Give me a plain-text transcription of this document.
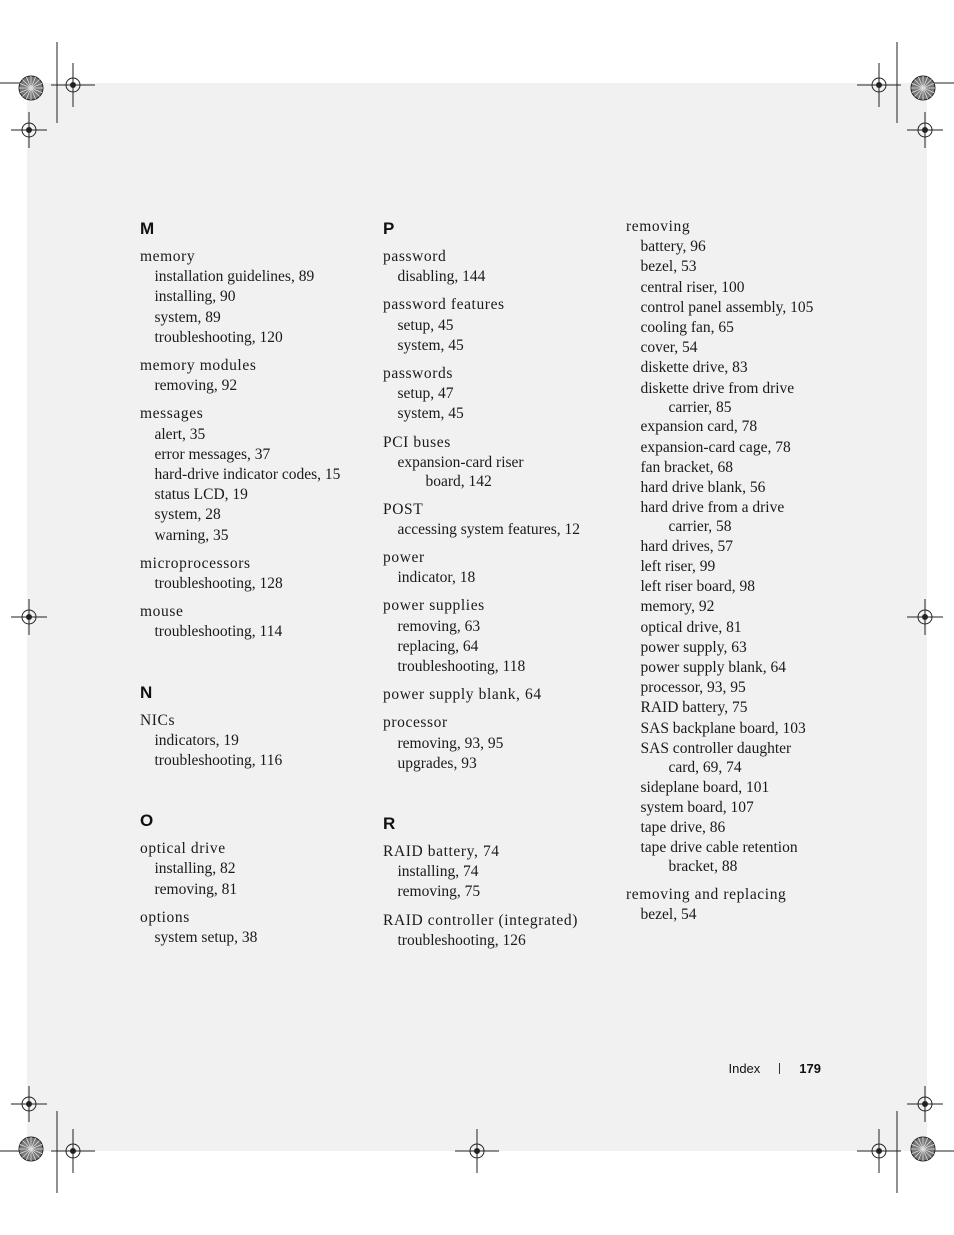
M
memory
installation guidelines, 89
installing, 90
system, 89
troubleshooting, 120
memory modules
removing, 92
messages
alert, 35
error messages, 37
hard-drive indicator codes, 15
status LCD, 19
system, 28
warning, 35
microprocessors
troubleshooting, 128
mouse
troubleshooting, 114
N
NICs
indicators, 19
troubleshooting, 116
O
optical drive
installing, 82
removing, 81
options
system setup, 38
P
password
disabling, 144
password features
setup, 45
system, 45
passwords
setup, 47
system, 45
PCI buses
expansion-card riser
board, 142
POST
accessing system features, 12
power
indicator, 18
power supplies
removing, 63
replacing, 64
troubleshooting, 118
power supply blank, 64
processor
removing, 93, 95
upgrades, 93
R
RAID battery, 74
installing, 74
removing, 75
RAID controller (integrated)
troubleshooting, 126
removing
battery, 96
bezel, 53
central riser, 100
control panel assembly, 105
cooling fan, 65
cover, 54
diskette drive, 83
diskette drive from drive
carrier, 85
expansion card, 78
expansion-card cage, 78
fan bracket, 68
hard drive blank, 56
hard drive from a drive
carrier, 58
hard drives, 57
left riser, 99
left riser board, 98
memory, 92
optical drive, 81
power supply, 63
power supply blank, 64
processor, 93, 95
RAID battery, 75
SAS backplane board, 103
SAS controller daughter
card, 69, 74
sideplane board, 101
system board, 107
tape drive, 86
tape drive cable retention
bracket, 88
removing and replacing
bezel, 54
Index	179
